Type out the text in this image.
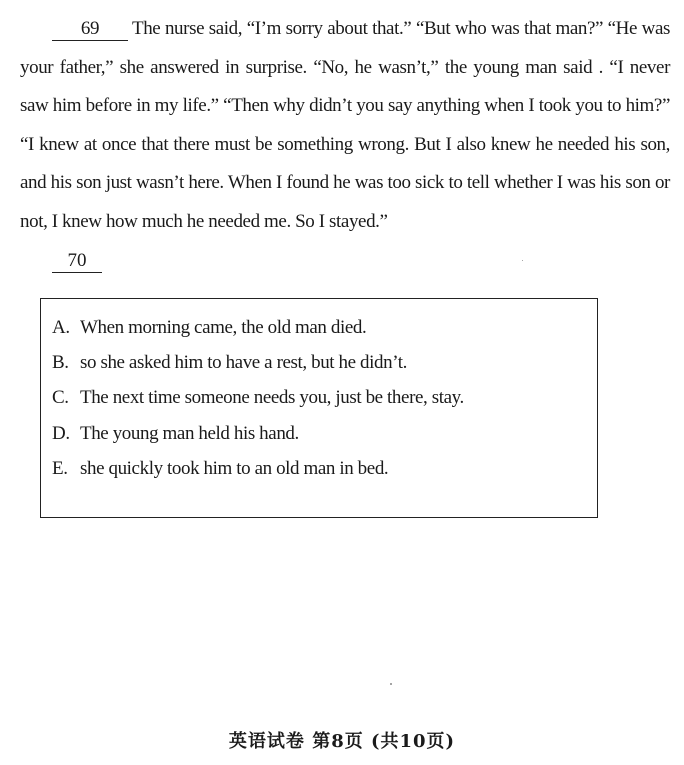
69 The nurse said, “I’m sorry about that.” “But who was that man?” “He was your father,” she answered in surprise. “No, he wasn’t,” the young man said . “I never saw him before in my life.” “Then why didn’t you say anything when I took you to him?” “I knew at once that there must be something wrong. But I also knew he needed his son, and his son just wasn’t here. When I found he was too sick to tell whether I was his son or not, I knew how much he needed me. So I stayed.”
70
A. When morning came, the old man died.
B. so she asked him to have a rest, but he didn’t.
C. The next time someone needs you, just be there, stay.
D. The young man held his hand.
E. she quickly took him to an old man in bed.
英语试卷 第8页 (共10页)
